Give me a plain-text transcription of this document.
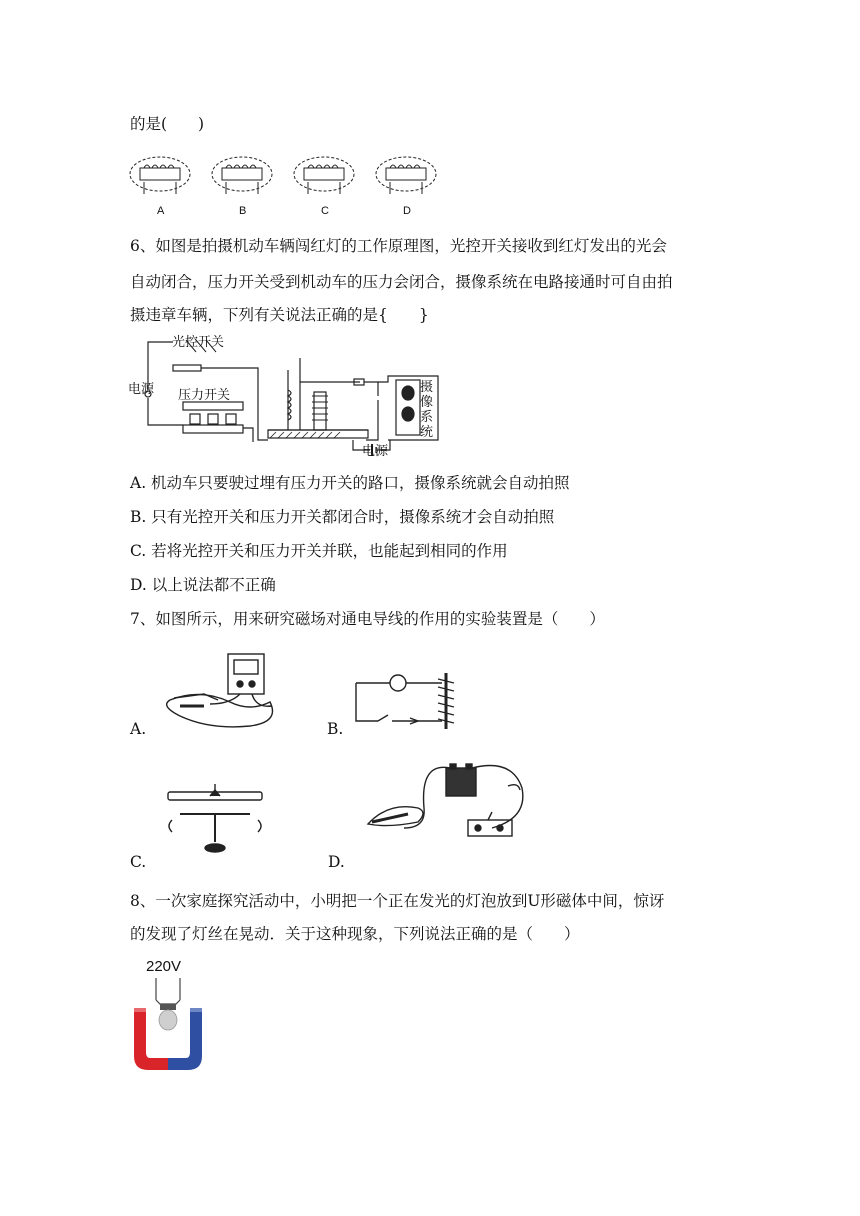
的是(　　)
A	B	C	D
6、如图是拍摄机动车辆闯红灯的工作原理图，光控开关接收到红灯发出的光会
自动闭合，压力开关受到机动车的压力会闭合，摄像系统在电路接通时可自由拍
摄违章车辆，下列有关说法正确的是{　　}
光控开关
电源 压力开关
摄像系统
电源
A. 机动车只要驶过埋有压力开关的路口，摄像系统就会自动拍照
B. 只有光控开关和压力开关都闭合时，摄像系统才会自动拍照
C. 若将光控开关和压力开关并联，也能起到相同的作用
D. 以上说法都不正确
7、如图所示，用来研究磁场对通电导线的作用的实验装置是（　　）
A.	B.
C.	D.
8、一次家庭探究活动中，小明把一个正在发光的灯泡放到U形磁体中间，惊讶
的发现了灯丝在晃动．关于这种现象，下列说法正确的是（　　）
220V
